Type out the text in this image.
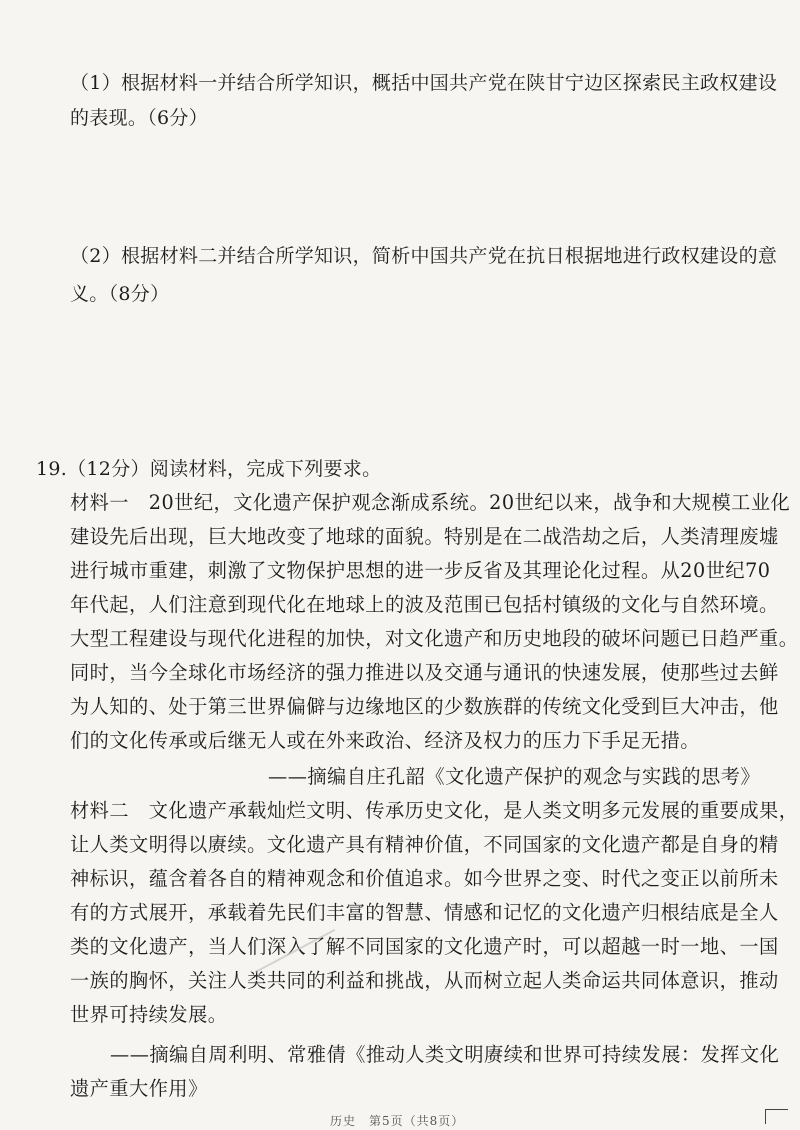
（1）根据材料一并结合所学知识，概括中国共产党在陕甘宁边区探索民主政权建设
的表现。（6分）
（2）根据材料二并结合所学知识，简析中国共产党在抗日根据地进行政权建设的意
义。（8分）
19.（12分）阅读材料，完成下列要求。
材料一　20世纪，文化遗产保护观念渐成系统。20世纪以来，战争和大规模工业化
建设先后出现，巨大地改变了地球的面貌。特别是在二战浩劫之后，人类清理废墟
进行城市重建，刺激了文物保护思想的进一步反省及其理论化过程。从20世纪70
年代起，人们注意到现代化在地球上的波及范围已包括村镇级的文化与自然环境。
大型工程建设与现代化进程的加快，对文化遗产和历史地段的破坏问题已日趋严重。
同时，当今全球化市场经济的强力推进以及交通与通讯的快速发展，使那些过去鲜
为人知的、处于第三世界偏僻与边缘地区的少数族群的传统文化受到巨大冲击，他
们的文化传承或后继无人或在外来政治、经济及权力的压力下手足无措。
——摘编自庄孔韶《文化遗产保护的观念与实践的思考》
材料二　文化遗产承载灿烂文明、传承历史文化，是人类文明多元发展的重要成果，
让人类文明得以赓续。文化遗产具有精神价值，不同国家的文化遗产都是自身的精
神标识，蕴含着各自的精神观念和价值追求。如今世界之变、时代之变正以前所未
有的方式展开，承载着先民们丰富的智慧、情感和记忆的文化遗产归根结底是全人
类的文化遗产，当人们深入了解不同国家的文化遗产时，可以超越一时一地、一国
一族的胸怀，关注人类共同的利益和挑战，从而树立起人类命运共同体意识，推动
世界可持续发展。
——摘编自周利明、常雅倩《推动人类文明赓续和世界可持续发展：发挥文化
遗产重大作用》
历史　第5页（共8页）
